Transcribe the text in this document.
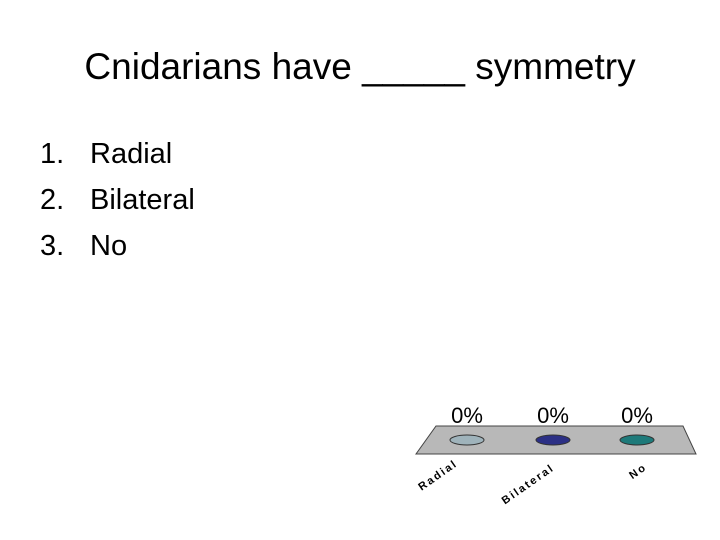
Cnidarians have _____ symmetry
1. Radial
2. Bilateral
3. No
0%
Radial
0%
Bilateral
0%
No
